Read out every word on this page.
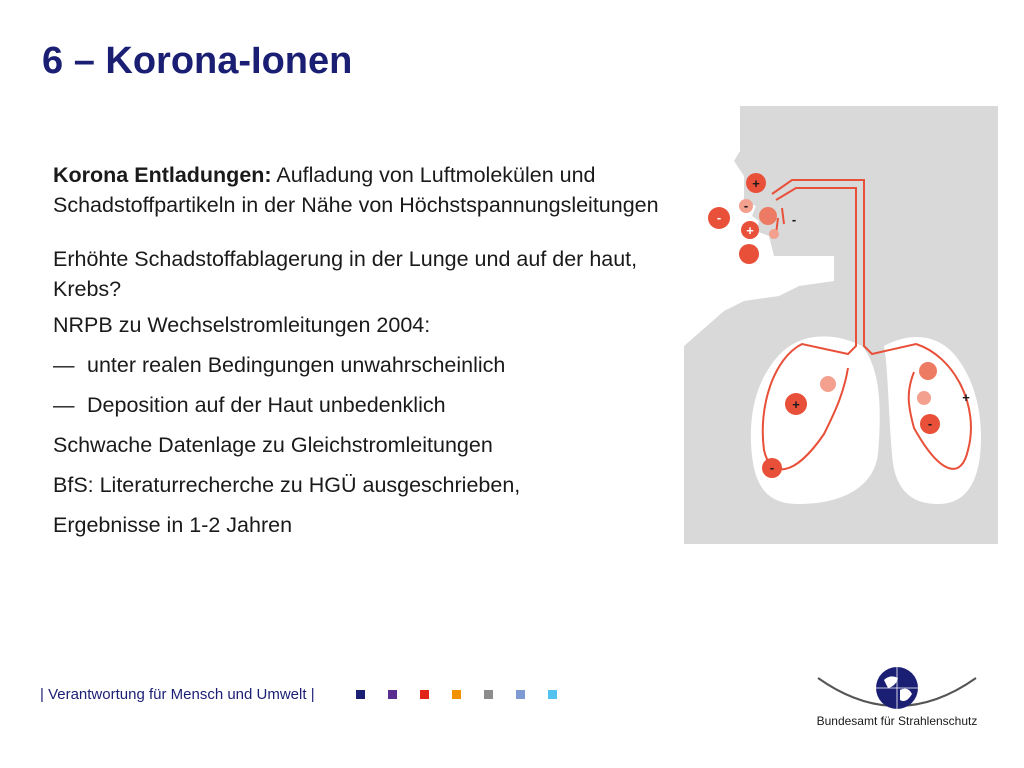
6 – Korona-Ionen

Korona Entladungen: Aufladung von Luftmolekülen und Schadstoffpartikeln in der Nähe von Höchstspannungsleitungen

Erhöhte Schadstoffablagerung in der Lunge und auf der haut, Krebs?

NRPB zu Wechselstromleitungen 2004:
— unter realen Bedingungen unwahrscheinlich
— Deposition auf der Haut unbedenklich
Schwache Datenlage zu Gleichstromleitungen
BfS: Literaturrecherche zu HGÜ ausgeschrieben,
Ergebnisse in 1-2 Jahren
+
-
-
+
-
+
-
+
-
| Verantwortung für Mensch und Umwelt |
Bundesamt für Strahlenschutz
